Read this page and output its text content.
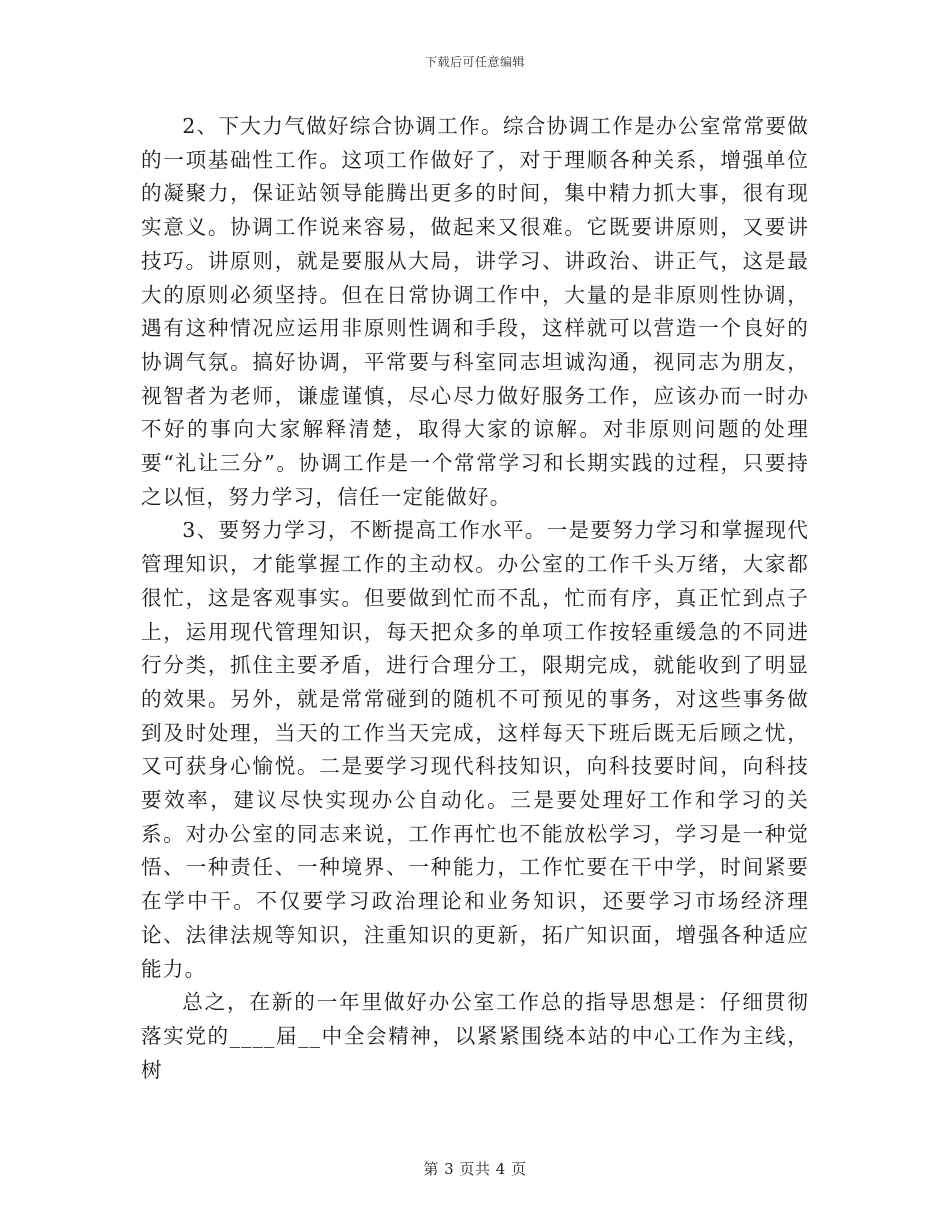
下载后可任意编辑

2、下大力气做好综合协调工作。综合协调工作是办公室常常要做的一项基础性工作。这项工作做好了，对于理顺各种关系，增强单位的凝聚力，保证站领导能腾出更多的时间，集中精力抓大事，很有现实意义。协调工作说来容易，做起来又很难。它既要讲原则，又要讲技巧。讲原则，就是要服从大局，讲学习、讲政治、讲正气，这是最大的原则必须坚持。但在日常协调工作中，大量的是非原则性协调，遇有这种情况应运用非原则性调和手段，这样就可以营造一个良好的协调气氛。搞好协调，平常要与科室同志坦诚沟通，视同志为朋友，视智者为老师，谦虚谨慎，尽心尽力做好服务工作，应该办而一时办不好的事向大家解释清楚，取得大家的谅解。对非原则问题的处理要“礼让三分”。协调工作是一个常常学习和长期实践的过程，只要持之以恒，努力学习，信任一定能做好。

3、要努力学习，不断提高工作水平。一是要努力学习和掌握现代管理知识，才能掌握工作的主动权。办公室的工作千头万绪，大家都很忙，这是客观事实。但要做到忙而不乱，忙而有序，真正忙到点子上，运用现代管理知识，每天把众多的单项工作按轻重缓急的不同进行分类，抓住主要矛盾，进行合理分工，限期完成，就能收到了明显的效果。另外，就是常常碰到的随机不可预见的事务，对这些事务做到及时处理，当天的工作当天完成，这样每天下班后既无后顾之忧，又可获身心愉悦。二是要学习现代科技知识，向科技要时间，向科技要效率，建议尽快实现办公自动化。三是要处理好工作和学习的关系。对办公室的同志来说，工作再忙也不能放松学习，学习是一种觉悟、一种责任、一种境界、一种能力，工作忙要在干中学，时间紧要在学中干。不仅要学习政治理论和业务知识，还要学习市场经济理论、法律法规等知识，注重知识的更新，拓广知识面，增强各种适应能力。

总之，在新的一年里做好办公室工作总的指导思想是：仔细贯彻落实党的____届__中全会精神，以紧紧围绕本站的中心工作为主线，树

第 3 页共 4 页
